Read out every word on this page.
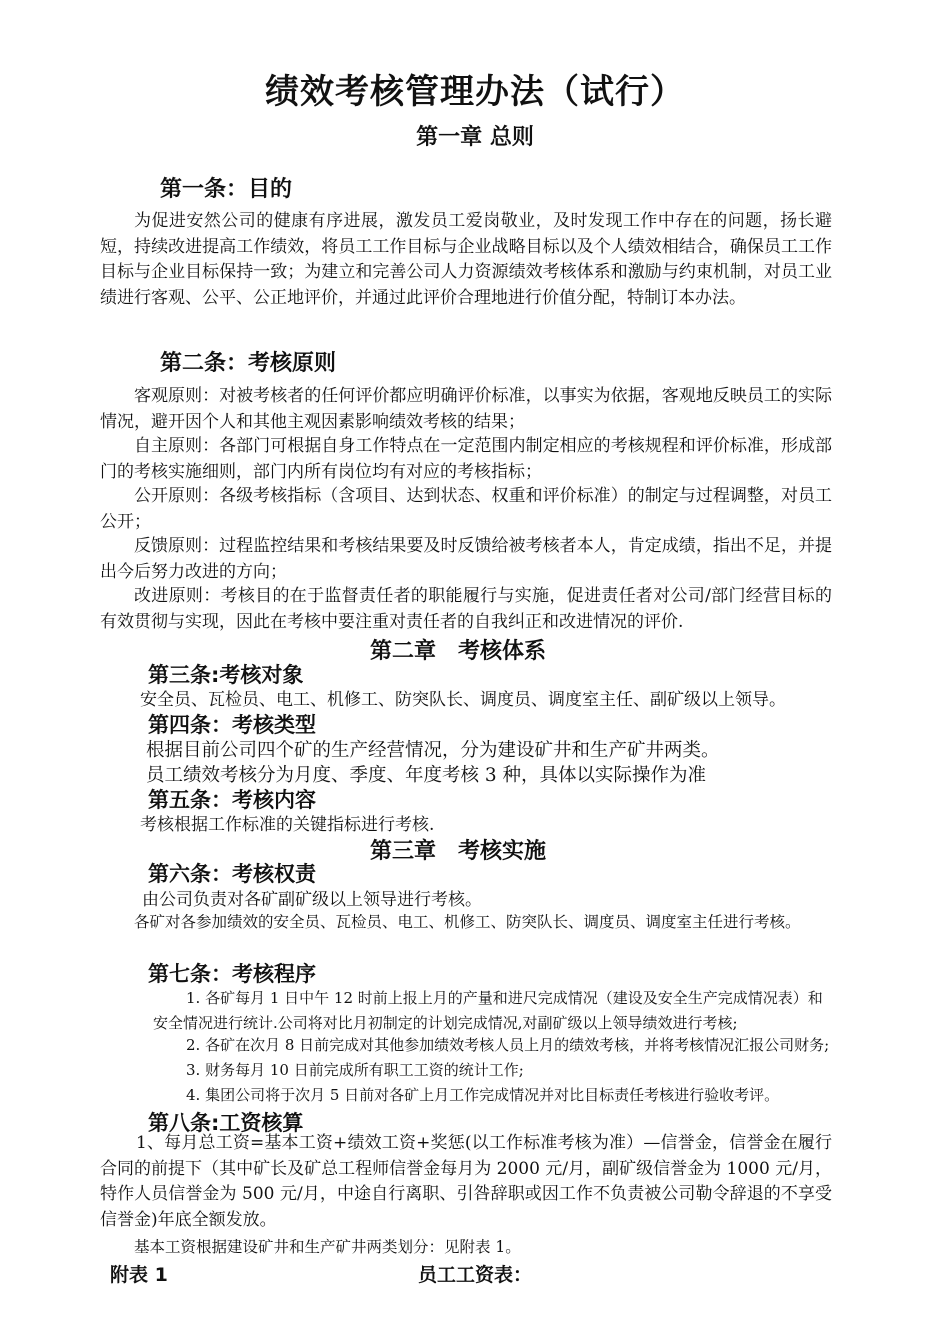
绩效考核管理办法（试行）
第一章 总则
第一条：目的

为促进安然公司的健康有序进展，激发员工爱岗敬业，及时发现工作中存在的问题，扬长避短，持续改进提高工作绩效，将员工工作目标与企业战略目标以及个人绩效相结合，确保员工工作目标与企业目标保持一致；为建立和完善公司人力资源绩效考核体系和激励与约束机制，对员工业绩进行客观、公平、公正地评价，并通过此评价合理地进行价值分配，特制订本办法。

第二条：考核原则

客观原则：对被考核者的任何评价都应明确评价标准，以事实为依据，客观地反映员工的实际情况，避开因个人和其他主观因素影响绩效考核的结果；

自主原则：各部门可根据自身工作特点在一定范围内制定相应的考核规程和评价标准，形成部门的考核实施细则，部门内所有岗位均有对应的考核指标；

公开原则：各级考核指标（含项目、达到状态、权重和评价标准）的制定与过程调整，对员工公开；

反馈原则：过程监控结果和考核结果要及时反馈给被考核者本人，肯定成绩，指出不足，并提出今后努力改进的方向；

改进原则：考核目的在于监督责任者的职能履行与实施，促进责任者对公司/部门经营目标的有效贯彻与实现，因此在考核中要注重对责任者的自我纠正和改进情况的评价.

第二章　考核体系
第三条:考核对象
安全员、瓦检员、电工、机修工、防突队长、调度员、调度室主任、副矿级以上领导。
第四条：考核类型
根据目前公司四个矿的生产经营情况，分为建设矿井和生产矿井两类。
员工绩效考核分为月度、季度、年度考核 3 种，具体以实际操作为准
第五条：考核内容
考核根据工作标准的关键指标进行考核.
第三章　考核实施
第六条：考核权责
由公司负责对各矿副矿级以上领导进行考核。

各矿对各参加绩效的安全员、瓦检员、电工、机修工、防突队长、调度员、调度室主任进行考核。

第七条：考核程序

1. 各矿每月 1 日中午 12 时前上报上月的产量和进尺完成情况（建设及安全生产完成情况表）和安全情况进行统计.公司将对比月初制定的计划完成情况,对副矿级以上领导绩效进行考核;

2. 各矿在次月 8 日前完成对其他参加绩效考核人员上月的绩效考核，并将考核情况汇报公司财务;

3. 财务每月 10 日前完成所有职工工资的统计工作;

4. 集团公司将于次月 5 日前对各矿上月工作完成情况并对比目标责任考核进行验收考评。

第八条:工资核算

1、每月总工资=基本工资+绩效工资+奖惩(以工作标准考核为准）—信誉金，信誉金在履行合同的前提下（其中矿长及矿总工程师信誉金每月为 2000 元/月，副矿级信誉金为 1000 元/月，特作人员信誉金为 500 元/月，中途自行离职、引咎辞职或因工作不负责被公司勒令辞退的不享受信誉金)年底全额发放。

基本工资根据建设矿井和生产矿井两类划分：见附表 1。
附表 1	员工工资表：
